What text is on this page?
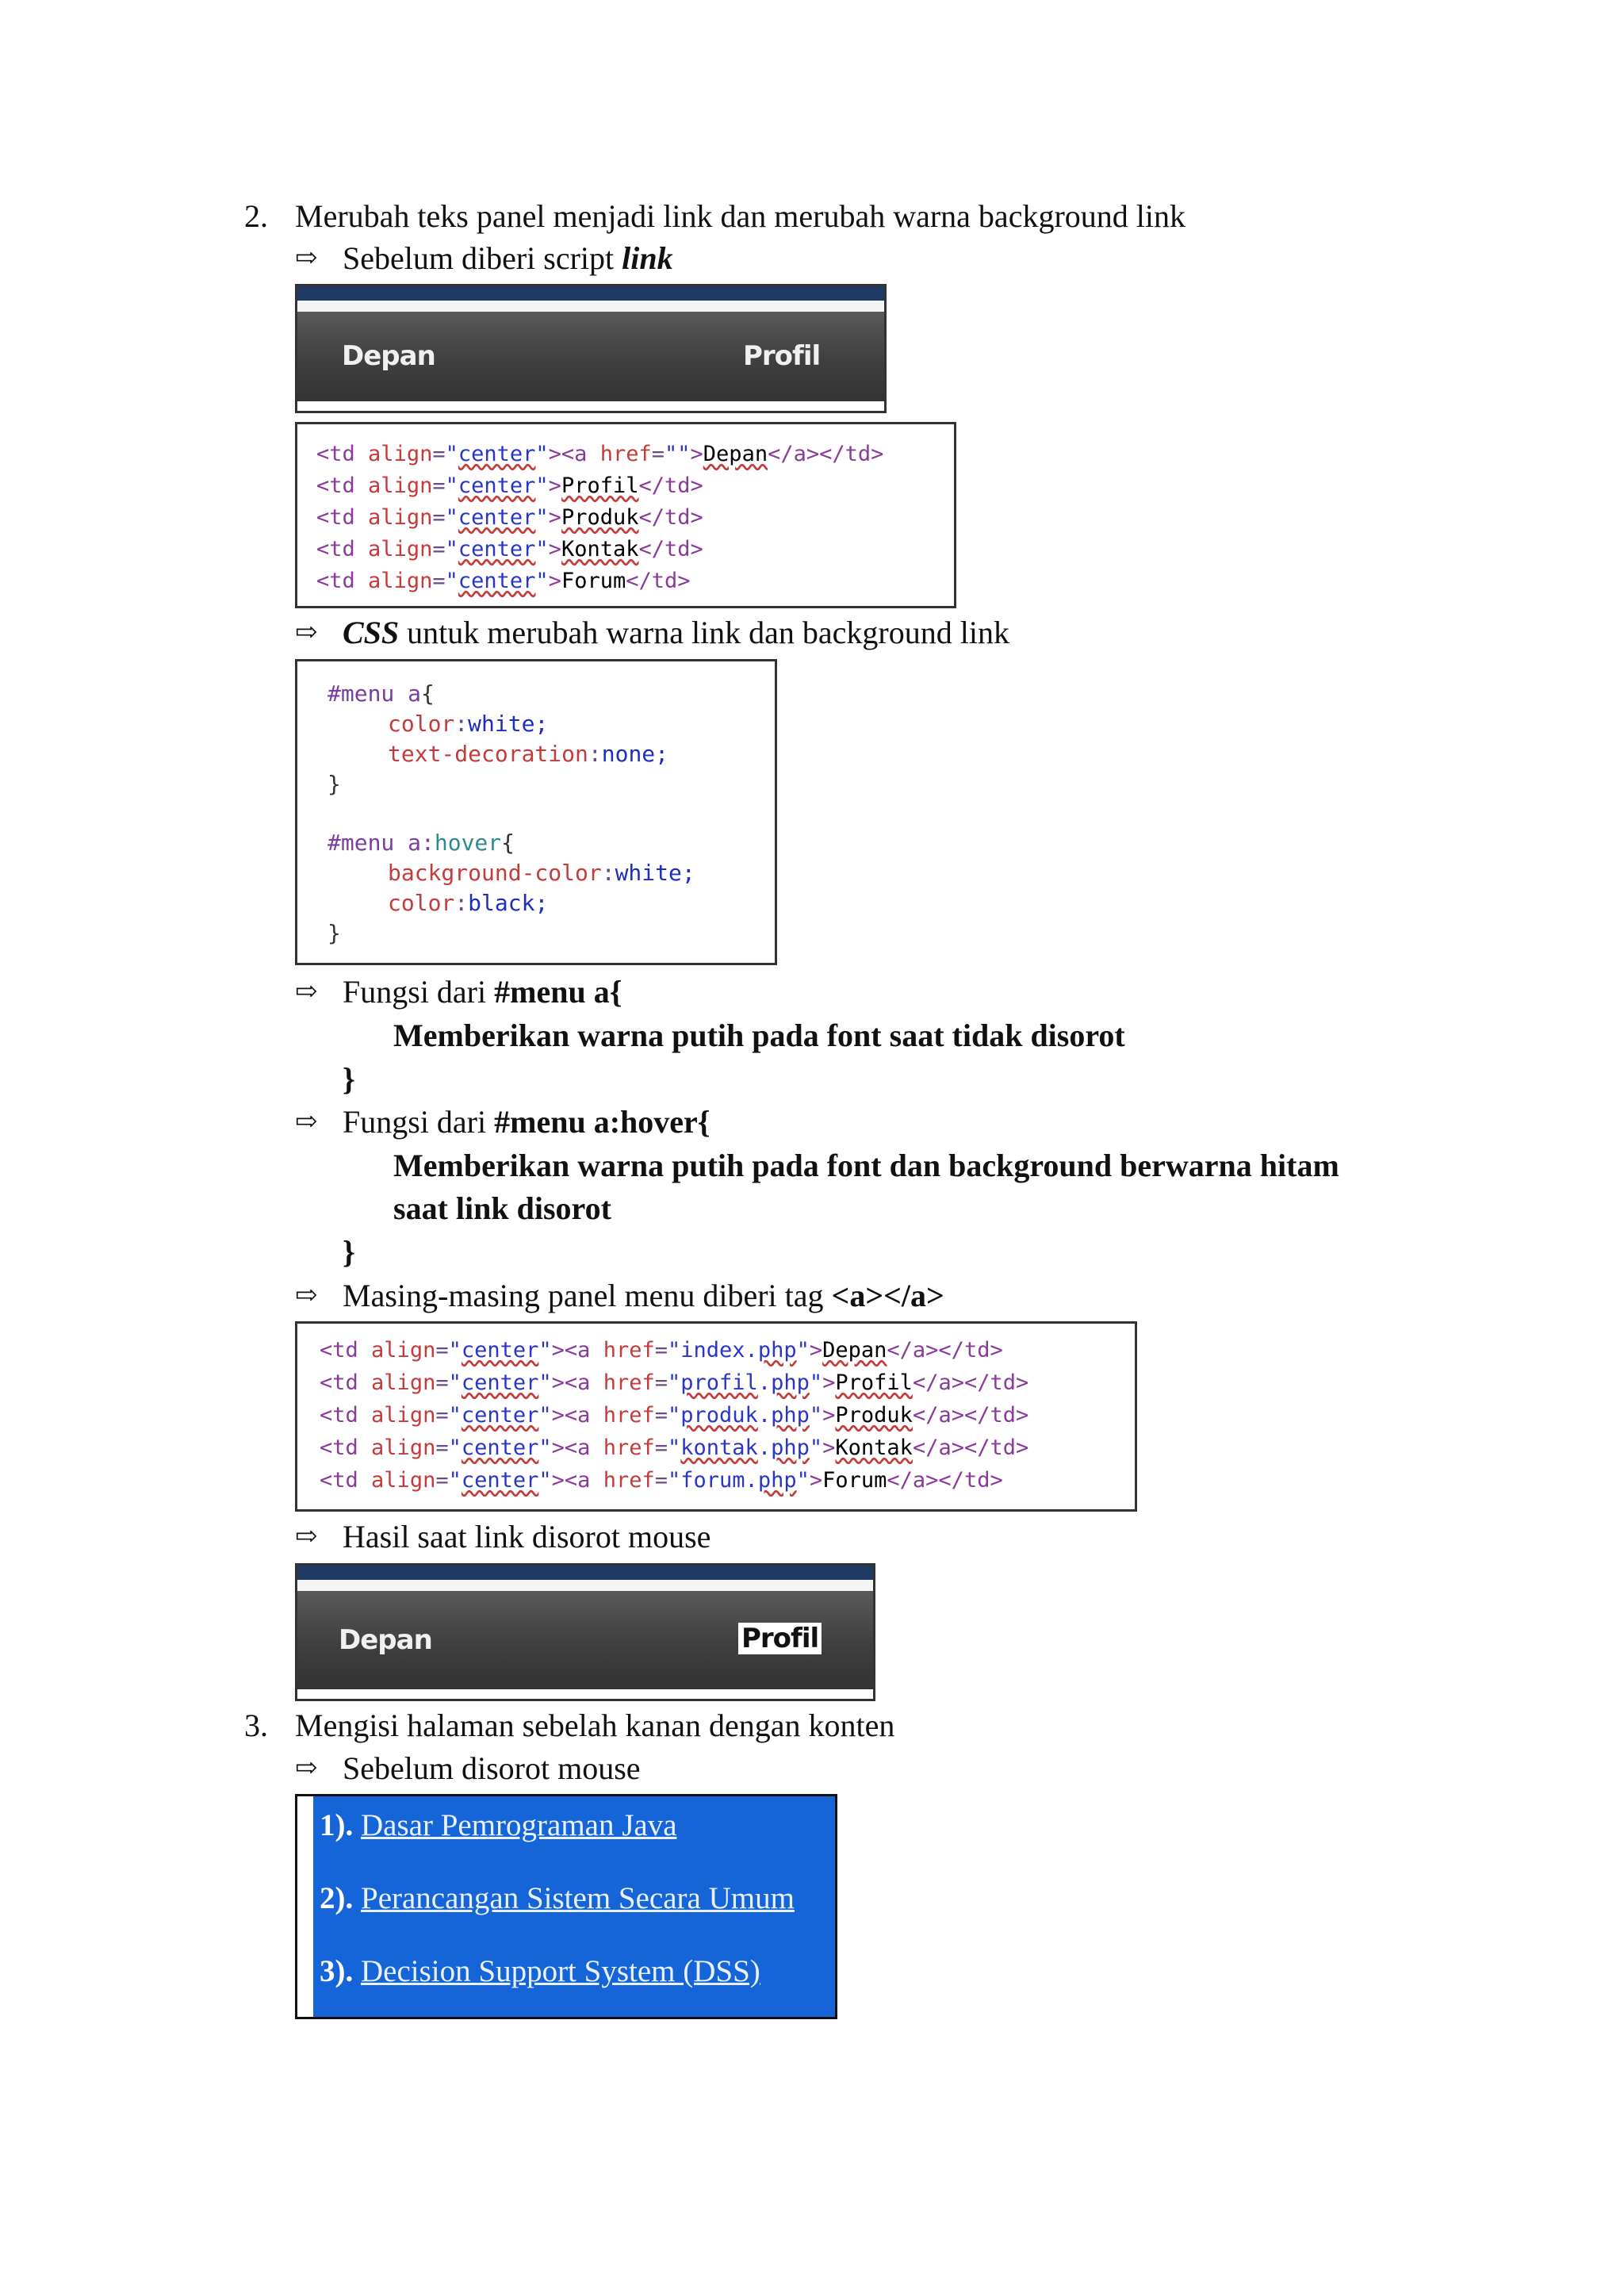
2. Merubah teks panel menjadi link dan merubah warna background link
⇨ Sebelum diberi script link
Depan	Profil
<td align="center"><a href="">Depan</a></td>
<td align="center">Profil</td>
<td align="center">Produk</td>
<td align="center">Kontak</td>
<td align="center">Forum</td>
⇨ CSS untuk merubah warna link dan background link
#menu a{
color:white;
text-decoration:none;
}
#menu a:hover{
background-color:white;
color:black;
}
⇨ Fungsi dari #menu a{
Memberikan warna putih pada font saat tidak disorot
}
⇨ Fungsi dari #menu a:hover{
Memberikan warna putih pada font dan background berwarna hitam
saat link disorot
}
⇨ Masing-masing panel menu diberi tag <a></a>
<td align="center"><a href="index.php">Depan</a></td>
<td align="center"><a href="profil.php">Profil</a></td>
<td align="center"><a href="produk.php">Produk</a></td>
<td align="center"><a href="kontak.php">Kontak</a></td>
<td align="center"><a href="forum.php">Forum</a></td>
⇨ Hasil saat link disorot mouse
Depan	Profil
3. Mengisi halaman sebelah kanan dengan konten
⇨ Sebelum disorot mouse
1). Dasar Pemrograman Java
2). Perancangan Sistem Secara Umum
3). Decision Support System (DSS)
